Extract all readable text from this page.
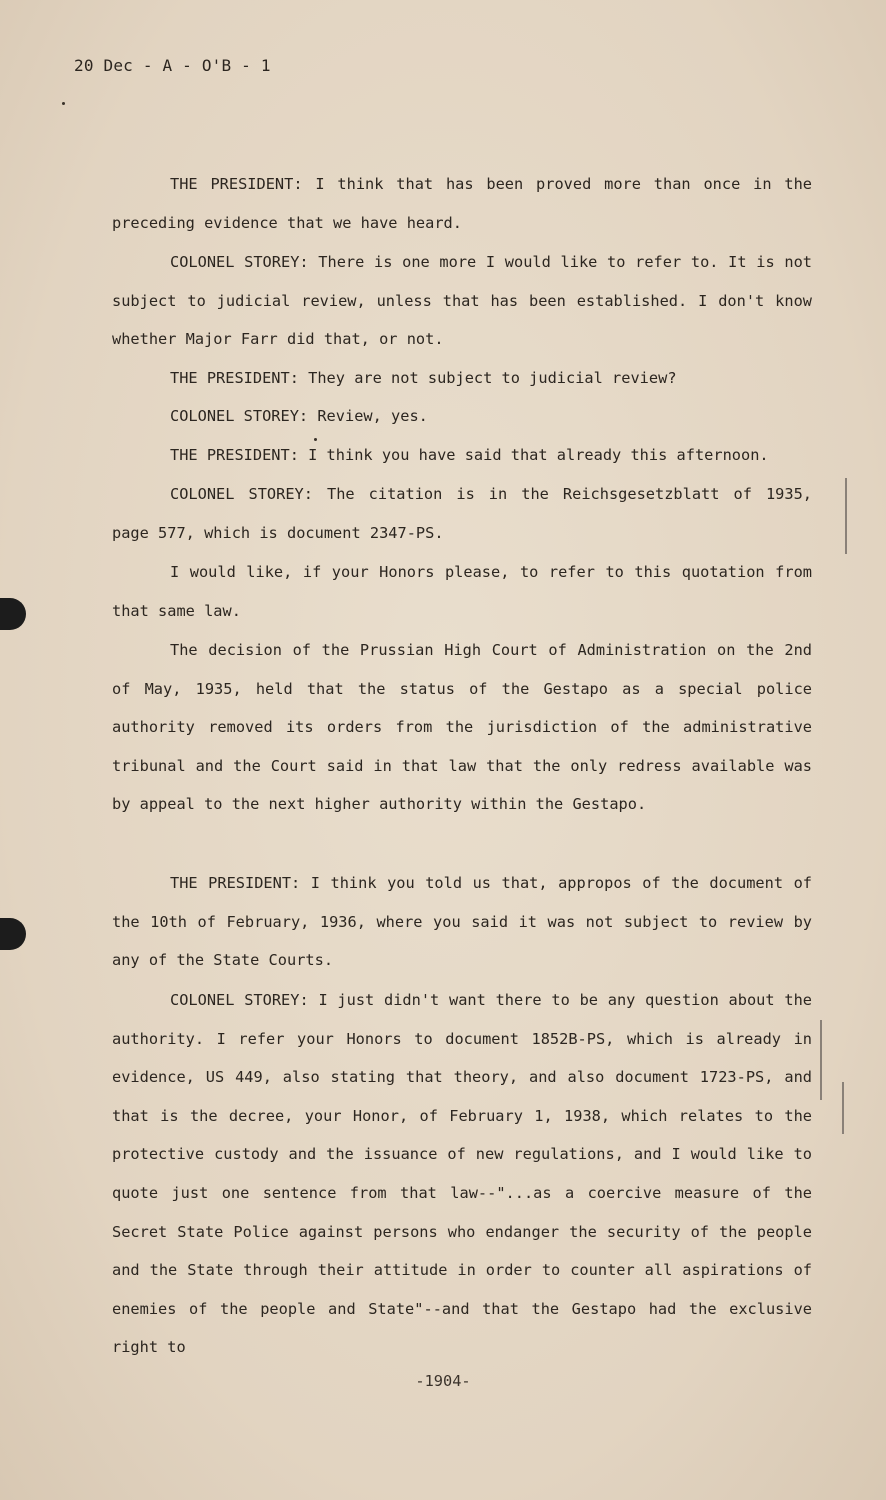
20 Dec - A - O'B - 1
THE PRESIDENT: I think that has been proved more than once in the preceding evidence that we have heard.
COLONEL STOREY: There is one more I would like to refer to. It is not subject to judicial review, unless that has been established. I don't know whether Major Farr did that, or not.
THE PRESIDENT: They are not subject to judicial review?
COLONEL STOREY: Review, yes.
THE PRESIDENT: I think you have said that already this afternoon.
COLONEL STOREY: The citation is in the Reichsgesetzblatt of 1935, page 577, which is document 2347-PS.
I would like, if your Honors please, to refer to this quotation from that same law.
The decision of the Prussian High Court of Administration on the 2nd of May, 1935, held that the status of the Gestapo as a special police authority removed its orders from the jurisdiction of the administrative tribunal and the Court said in that law that the only redress available was by appeal to the next higher authority within the Gestapo.
THE PRESIDENT: I think you told us that, appropos of the document of the 10th of February, 1936, where you said it was not subject to review by any of the State Courts.
COLONEL STOREY: I just didn't want there to be any question about the authority. I refer your Honors to document 1852B-PS, which is already in evidence, US 449, also stating that theory, and also document 1723-PS, and that is the decree, your Honor, of February 1, 1938, which relates to the protective custody and the issuance of new regulations, and I would like to quote just one sentence from that law--"...as a coercive measure of the Secret State Police against persons who endanger the security of the people and the State through their attitude in order to counter all aspirations of enemies of the people and State"--and that the Gestapo had the exclusive right to
-1904-
